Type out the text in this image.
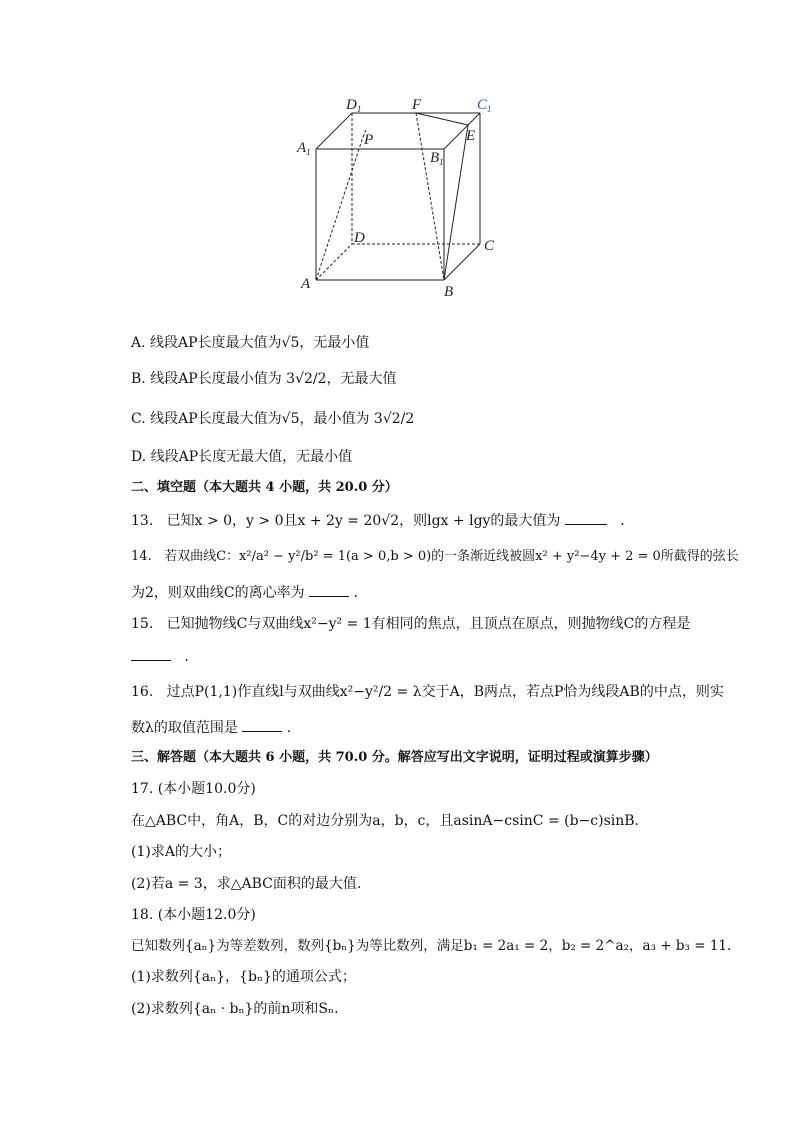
$D_1$	F	$C_1$
$A_1$
P
$B_1$
E
D	C
A	B
A. 线段AP长度最大值为√5，无最小值
B. 线段AP长度最小值为 3√2/2，无最大值
C. 线段AP长度最大值为√5，最小值为 3√2/2
D. 线段AP长度无最大值，无最小值
二、填空题（本大题共 4 小题，共 20.0 分）
13. 已知x > 0，y > 0且x + 2y = 20√2，则lgx + lgy的最大值为	.
14. 若双曲线C：x²/a² − y²/b² = 1(a > 0,b > 0)的一条渐近线被圆x² + y²−4y + 2 = 0所截得的弦长
为2，则双曲线C的离心率为	.
15. 已知抛物线C与双曲线x²−y² = 1有相同的焦点，且顶点在原点，则抛物线C的方程是
.
16. 过点P(1,1)作直线l与双曲线x²−y²/2 = λ交于A，B两点，若点P恰为线段AB的中点，则实
数λ的取值范围是	.
三、解答题（本大题共 6 小题，共 70.0 分。解答应写出文字说明，证明过程或演算步骤）
17. (本小题10.0分)
在△ABC中，角A，B，C的对边分别为a，b，c，且asinA−csinC = (b−c)sinB.
(1)求A的大小；
(2)若a = 3，求△ABC面积的最大值.
18. (本小题12.0分)
已知数列{aₙ}为等差数列，数列{bₙ}为等比数列，满足b₁ = 2a₁ = 2，b₂ = 2^a₂，a₃ + b₃ = 11.
(1)求数列{aₙ}，{bₙ}的通项公式；
(2)求数列{aₙ · bₙ}的前n项和Sₙ.
